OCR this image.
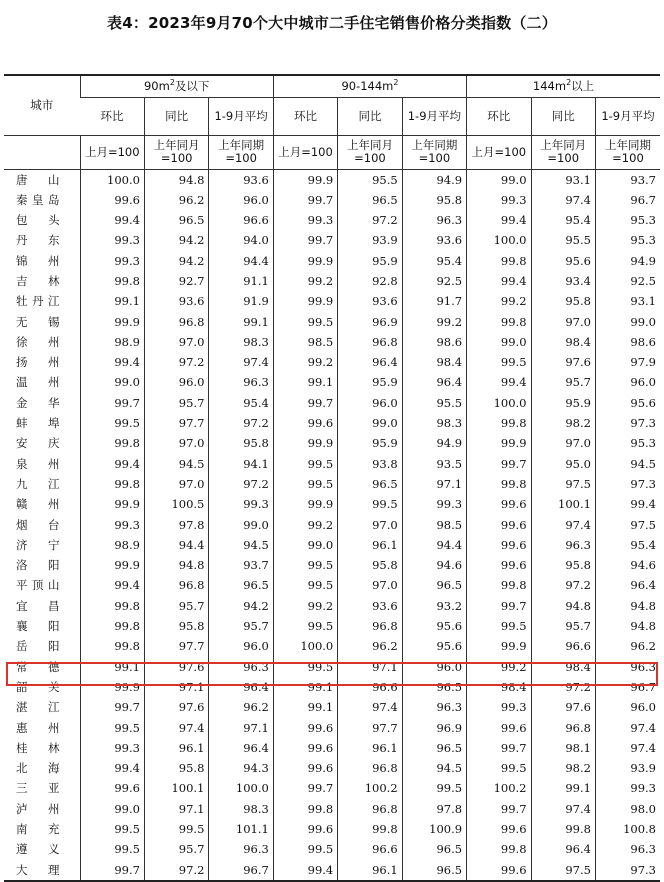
表4：2023年9月70个大中城市二手住宅销售价格分类指数（二）
城市	$90m^2$及以下			$90-144m^2$			$144m^2$以上		
	环比	同比	1-9月平均	环比	同比	1-9月平均	环比	同比	1-9月平均
	上月=100	上年同月=100	上年同期=100	上月=100	上年同月=100	上年同期=100	上月=100	上年同月=100	上年同期=100
唐山	100.0	94.8	93.6	99.9	95.5	94.9	99.0	93.1	93.7
秦皇岛	99.6	96.2	96.0	99.7	96.5	95.8	99.3	97.4	96.7
包头	99.4	96.5	96.6	99.3	97.2	96.3	99.4	95.4	95.3
丹东	99.3	94.2	94.0	99.7	93.9	93.6	100.0	95.5	95.3
锦州	99.3	94.2	94.4	99.9	95.9	95.4	99.8	95.6	94.9
吉林	99.8	92.7	91.1	99.2	92.8	92.5	99.4	93.4	92.5
牡丹江	99.1	93.6	91.9	99.9	93.6	91.7	99.2	95.8	93.1
无锡	99.9	96.8	99.1	99.5	96.9	99.2	99.8	97.0	99.0
徐州	98.9	97.0	98.3	98.5	96.8	98.6	99.0	98.4	98.6
扬州	99.4	97.2	97.4	99.2	96.4	98.4	99.5	97.6	97.9
温州	99.0	96.0	96.3	99.1	95.9	96.4	99.4	95.7	96.0
金华	99.7	95.7	95.4	99.7	96.0	95.5	100.0	95.9	95.6
蚌埠	99.5	97.7	97.2	99.6	99.0	98.3	99.8	98.2	97.3
安庆	99.8	97.0	95.8	99.9	95.9	94.9	99.9	97.0	95.3
泉州	99.4	94.5	94.1	99.5	93.8	93.5	99.7	95.0	94.5
九江	99.8	97.0	97.2	99.5	96.5	97.1	99.8	97.5	97.3
赣州	99.9	100.5	99.3	99.9	99.5	99.3	99.6	100.1	99.4
烟台	99.3	97.8	99.0	99.2	97.0	98.5	99.6	97.4	97.5
济宁	98.9	94.4	94.5	99.0	96.1	94.4	99.6	96.3	95.4
洛阳	99.9	94.8	93.7	99.5	95.8	94.6	99.6	95.8	94.6
平顶山	99.4	96.8	96.5	99.5	97.0	96.5	99.8	97.2	96.4
宜昌	99.8	95.7	94.2	99.2	93.6	93.2	99.7	94.8	94.8
襄阳	99.8	95.8	95.7	99.5	96.8	95.6	99.5	95.7	94.8
岳阳	99.8	97.7	96.0	100.0	96.2	95.6	99.9	96.6	96.2
常德	99.1	97.6	96.3	99.5	97.1	96.0	99.2	98.4	96.3
韶关	99.9	97.1	96.4	99.1	96.6	96.5	98.4	97.2	96.7
湛江	99.7	97.6	96.2	99.1	97.4	96.3	99.3	97.6	96.0
惠州	99.5	97.4	97.1	99.6	97.7	96.9	99.6	96.8	97.4
桂林	99.3	96.1	96.4	99.6	96.1	96.5	99.7	98.1	97.4
北海	99.4	95.8	94.3	99.6	96.8	94.5	99.5	98.2	93.9
三亚	99.6	100.1	100.0	99.7	100.2	99.5	100.2	99.1	99.3
泸州	99.0	97.1	98.3	99.8	96.8	97.8	99.7	97.4	98.0
南充	99.5	99.5	101.1	99.6	99.8	100.9	99.6	99.8	100.8
遵义	99.5	95.7	96.3	99.5	96.6	96.5	99.8	96.4	96.3
大理	99.7	97.2	96.7	99.4	96.1	96.5	99.6	97.5	97.3
